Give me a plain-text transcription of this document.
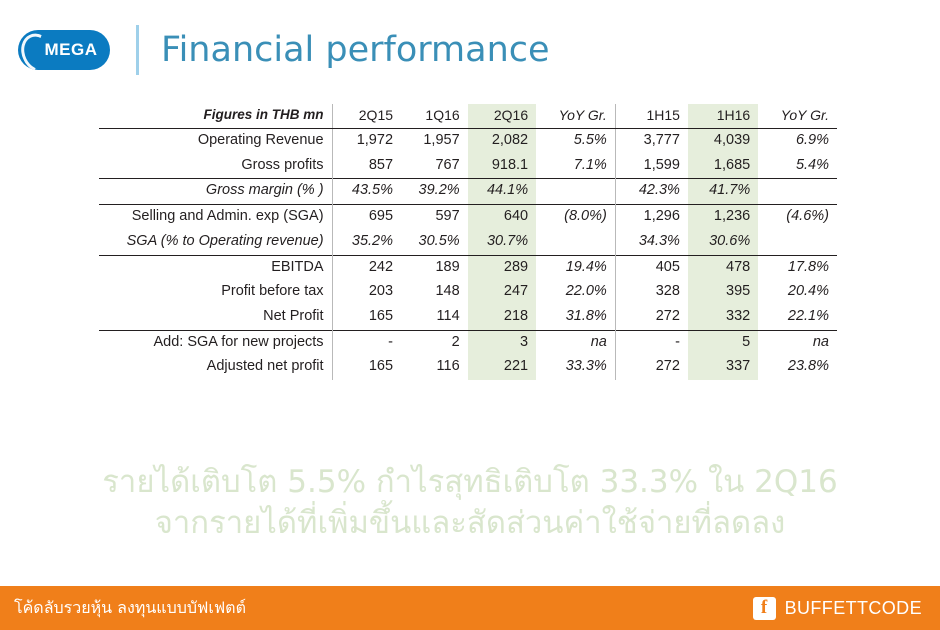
MEGA Financial performance
Figures in THB mn	2Q15	1Q16	2Q16	YoY Gr.	1H15	1H16	YoY Gr.
Operating Revenue	1,972	1,957	2,082	5.5%	3,777	4,039	6.9%
Gross profits	857	767	918.1	7.1%	1,599	1,685	5.4%
Gross margin (% )	43.5%	39.2%	44.1%		42.3%	41.7%	
Selling and Admin. exp (SGA)	695	597	640	(8.0%)	1,296	1,236	(4.6%)
SGA (% to Operating revenue)	35.2%	30.5%	30.7%		34.3%	30.6%	
EBITDA	242	189	289	19.4%	405	478	17.8%
Profit before tax	203	148	247	22.0%	328	395	20.4%
Net Profit	165	114	218	31.8%	272	332	22.1%
Add: SGA for new projects	-	2	3	na	-	5	na
Adjusted net profit	165	116	221	33.3%	272	337	23.8%
รายได้เติบโต 5.5% กำไรสุทธิเติบโต 33.3% ใน 2Q16
จากรายได้ที่เพิ่มขึ้นและสัดส่วนค่าใช้จ่ายที่ลดลง
โค้ดลับรวยหุ้น ลงทุนแบบบัฟเฟตต์	f BUFFETTCODE
